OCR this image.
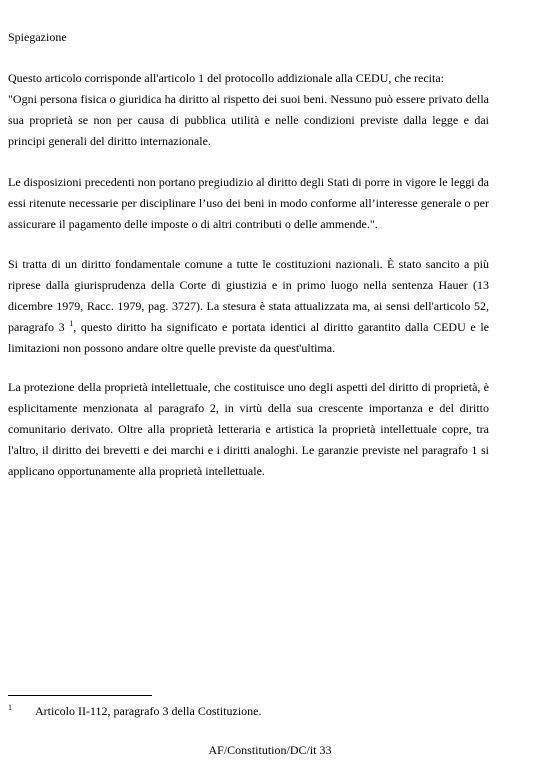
Spiegazione

Questo articolo corrisponde all'articolo 1 del protocollo addizionale alla CEDU, che recita:

"Ogni persona fisica o giuridica ha diritto al rispetto dei suoi beni. Nessuno può essere privato della sua proprietà se non per causa di pubblica utilità e nelle condizioni previste dalla legge e dai principi generali del diritto internazionale.

Le disposizioni precedenti non portano pregiudizio al diritto degli Stati di porre in vigore le leggi da essi ritenute necessarie per disciplinare l’uso dei beni in modo conforme all’interesse generale o per assicurare il pagamento delle imposte o di altri contributi o delle ammende.".

Si tratta di un diritto fondamentale comune a tutte le costituzioni nazionali. È stato sancito a più riprese dalla giurisprudenza della Corte di giustizia e in primo luogo nella sentenza Hauer (13 dicembre 1979, Racc. 1979, pag. 3727). La stesura è stata attualizzata ma, ai sensi dell'articolo 52, paragrafo 3 $^1$, questo diritto ha significato e portata identici al diritto garantito dalla CEDU e le limitazioni non possono andare oltre quelle previste da quest'ultima.

La protezione della proprietà intellettuale, che costituisce uno degli aspetti del diritto di proprietà, è esplicitamente menzionata al paragrafo 2, in virtù della sua crescente importanza e del diritto comunitario derivato. Oltre alla proprietà letteraria e artistica la proprietà intellettuale copre, tra l'altro, il diritto dei brevetti e dei marchi e i diritti analoghi. Le garanzie previste nel paragrafo 1 si applicano opportunamente alla proprietà intellettuale.

1 Articolo II-112, paragrafo 3 della Costituzione.
AF/Constitution/DC/it 33
